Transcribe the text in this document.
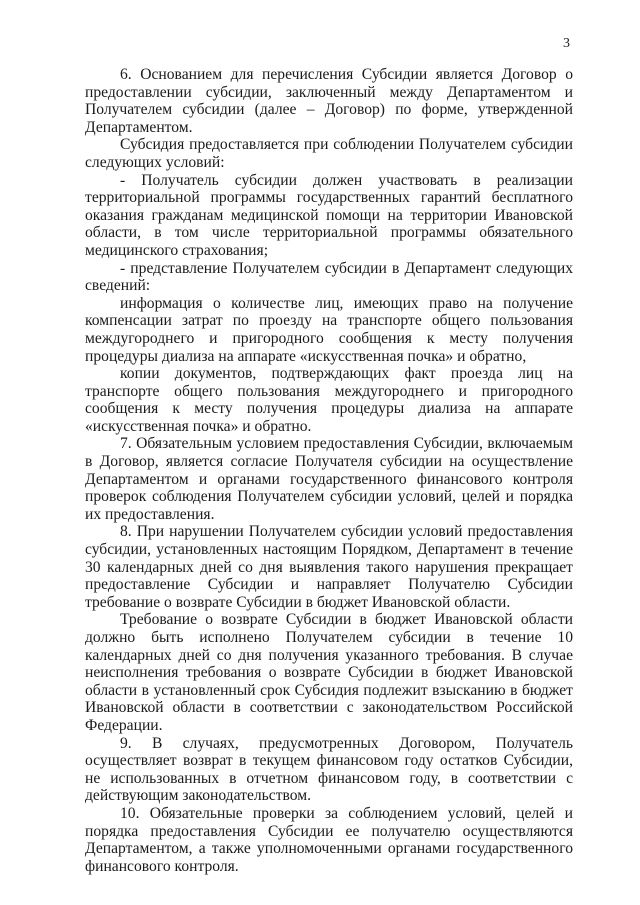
3

6. Основанием для перечисления Субсидии является Договор о предоставлении субсидии, заключенный между Департаментом и Получателем субсидии (далее – Договор) по форме, утвержденной Департаментом.

Субсидия предоставляется при соблюдении Получателем субсидии следующих условий:

- Получатель субсидии должен участвовать в реализации территориальной программы государственных гарантий бесплатного оказания гражданам медицинской помощи на территории Ивановской области, в том числе территориальной программы обязательного медицинского страхования;

- представление Получателем субсидии в Департамент следующих сведений:

информация о количестве лиц, имеющих право на получение компенсации затрат по проезду на транспорте общего пользования междугороднего и пригородного сообщения к месту получения процедуры диализа на аппарате «искусственная почка» и обратно,

копии документов, подтверждающих факт проезда лиц на транспорте общего пользования междугороднего и пригородного сообщения к месту получения процедуры диализа на аппарате «искусственная почка» и обратно.

7. Обязательным условием предоставления Субсидии, включаемым в Договор, является согласие Получателя субсидии на осуществление Департаментом и органами государственного финансового контроля проверок соблюдения Получателем субсидии условий, целей и порядка их предоставления.

8. При нарушении Получателем субсидии условий предоставления субсидии, установленных настоящим Порядком, Департамент в течение 30 календарных дней со дня выявления такого нарушения прекращает предоставление Субсидии и направляет Получателю Субсидии требование о возврате Субсидии в бюджет Ивановской области.

Требование о возврате Субсидии в бюджет Ивановской области должно быть исполнено Получателем субсидии в течение 10 календарных дней со дня получения указанного требования. В случае неисполнения требования о возврате Субсидии в бюджет Ивановской области в установленный срок Субсидия подлежит взысканию в бюджет Ивановской области в соответствии с законодательством Российской Федерации.

9. В случаях, предусмотренных Договором, Получатель осуществляет возврат в текущем финансовом году остатков Субсидии, не использованных в отчетном финансовом году, в соответствии с действующим законодательством.

10. Обязательные проверки за соблюдением условий, целей и порядка предоставления Субсидии ее получателю осуществляются Департаментом, а также уполномоченными органами государственного финансового контроля.
